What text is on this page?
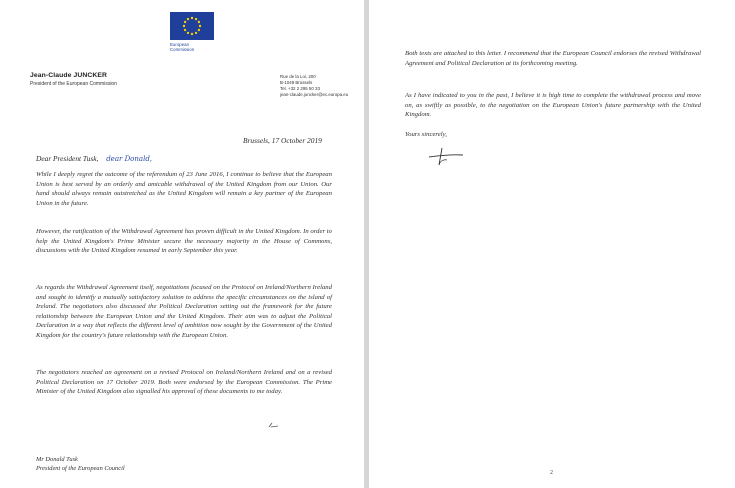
European
Commission
Jean-Claude JUNCKER
President of the European Commission
Rue de la Loi, 200
B-1049 Brussels
Tel. +32 2 295 50 33
jean-claude.juncker@ec.europa.eu
Brussels, 17 October 2019
Dear President Tusk, dear Donald,
While I deeply regret the outcome of the referendum of 23 June 2016, I continue to believe that the European Union is best served by an orderly and amicable withdrawal of the United Kingdom from our Union. Our hand should always remain outstretched as the United Kingdom will remain a key partner of the European Union in the future.
However, the ratification of the Withdrawal Agreement has proven difficult in the United Kingdom. In order to help the United Kingdom's Prime Minister secure the necessary majority in the House of Commons, discussions with the United Kingdom resumed in early September this year.
As regards the Withdrawal Agreement itself, negotiations focused on the Protocol on Ireland/Northern Ireland and sought to identify a mutually satisfactory solution to address the specific circumstances on the island of Ireland. The negotiators also discussed the Political Declaration setting out the framework for the future relationship between the European Union and the United Kingdom. Their aim was to adjust the Political Declaration in a way that reflects the different level of ambition now sought by the Government of the United Kingdom for the country's future relationship with the European Union.
The negotiators reached an agreement on a revised Protocol on Ireland/Northern Ireland and on a revised Political Declaration on 17 October 2019. Both were endorsed by the European Commission. The Prime Minister of the United Kingdom also signalled his approval of these documents to me today.
Mr Donald Tusk
President of the European Council
Both texts are attached to this letter. I recommend that the European Council endorses the revised Withdrawal Agreement and Political Declaration at its forthcoming meeting.
As I have indicated to you in the past, I believe it is high time to complete the withdrawal process and move on, as swiftly as possible, to the negotiation on the European Union's future partnership with the United Kingdom.
Yours sincerely,
2
